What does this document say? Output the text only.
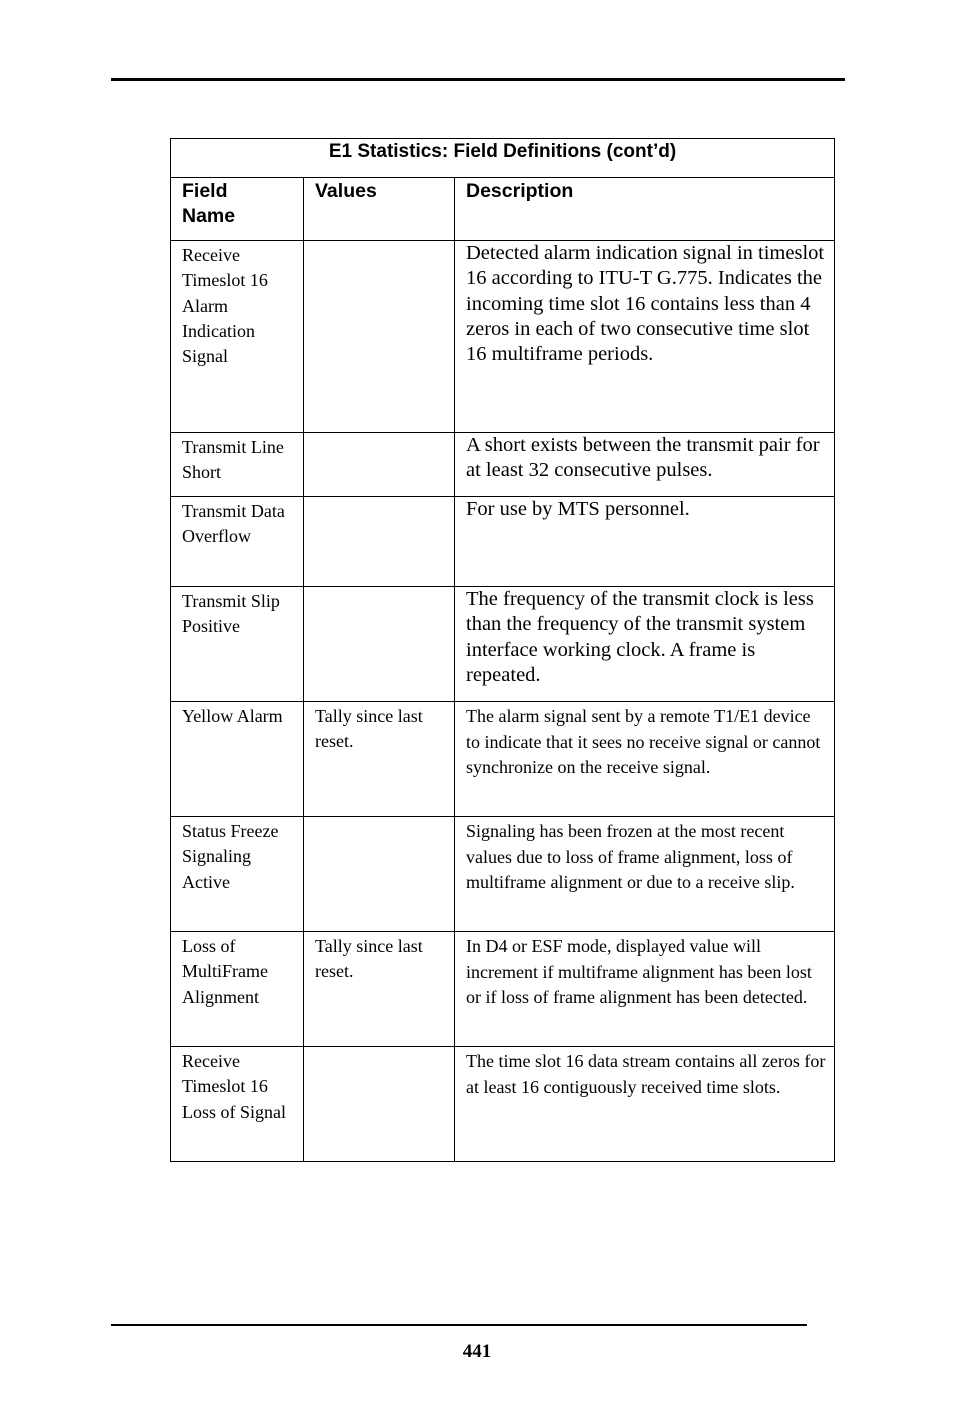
E1 Statistics: Field Definitions (cont’d)		

Field Name	Values	Description

Receive Timeslot 16 Alarm Indication Signal		Detected alarm indication signal in timeslot 16 according to ITU-T G.775. Indicates the incoming time slot 16 contains less than 4 zeros in each of two consecutive time slot 16 multiframe periods.
Transmit Line Short		A short exists between the transmit pair for at least 32 consecutive pulses.
Transmit Data Overflow		For use by MTS personnel.
Transmit Slip Positive		The frequency of the transmit clock is less than the frequency of the transmit system interface working clock. A frame is repeated.
Yellow Alarm	Tally since last reset.	The alarm signal sent by a remote T1/E1 device to indicate that it sees no receive signal or cannot synchronize on the receive signal.
Status Freeze Signaling Active		Signaling has been frozen at the most recent values due to loss of frame alignment, loss of multiframe alignment or due to a receive slip.
Loss of MultiFrame Alignment	Tally since last reset.	In D4 or ESF mode, displayed value will increment if multiframe alignment has been lost or if loss of frame alignment has been detected.
Receive Timeslot 16 Loss of Signal		The time slot 16 data stream contains all zeros for at least 16 contiguously received time slots.
441
